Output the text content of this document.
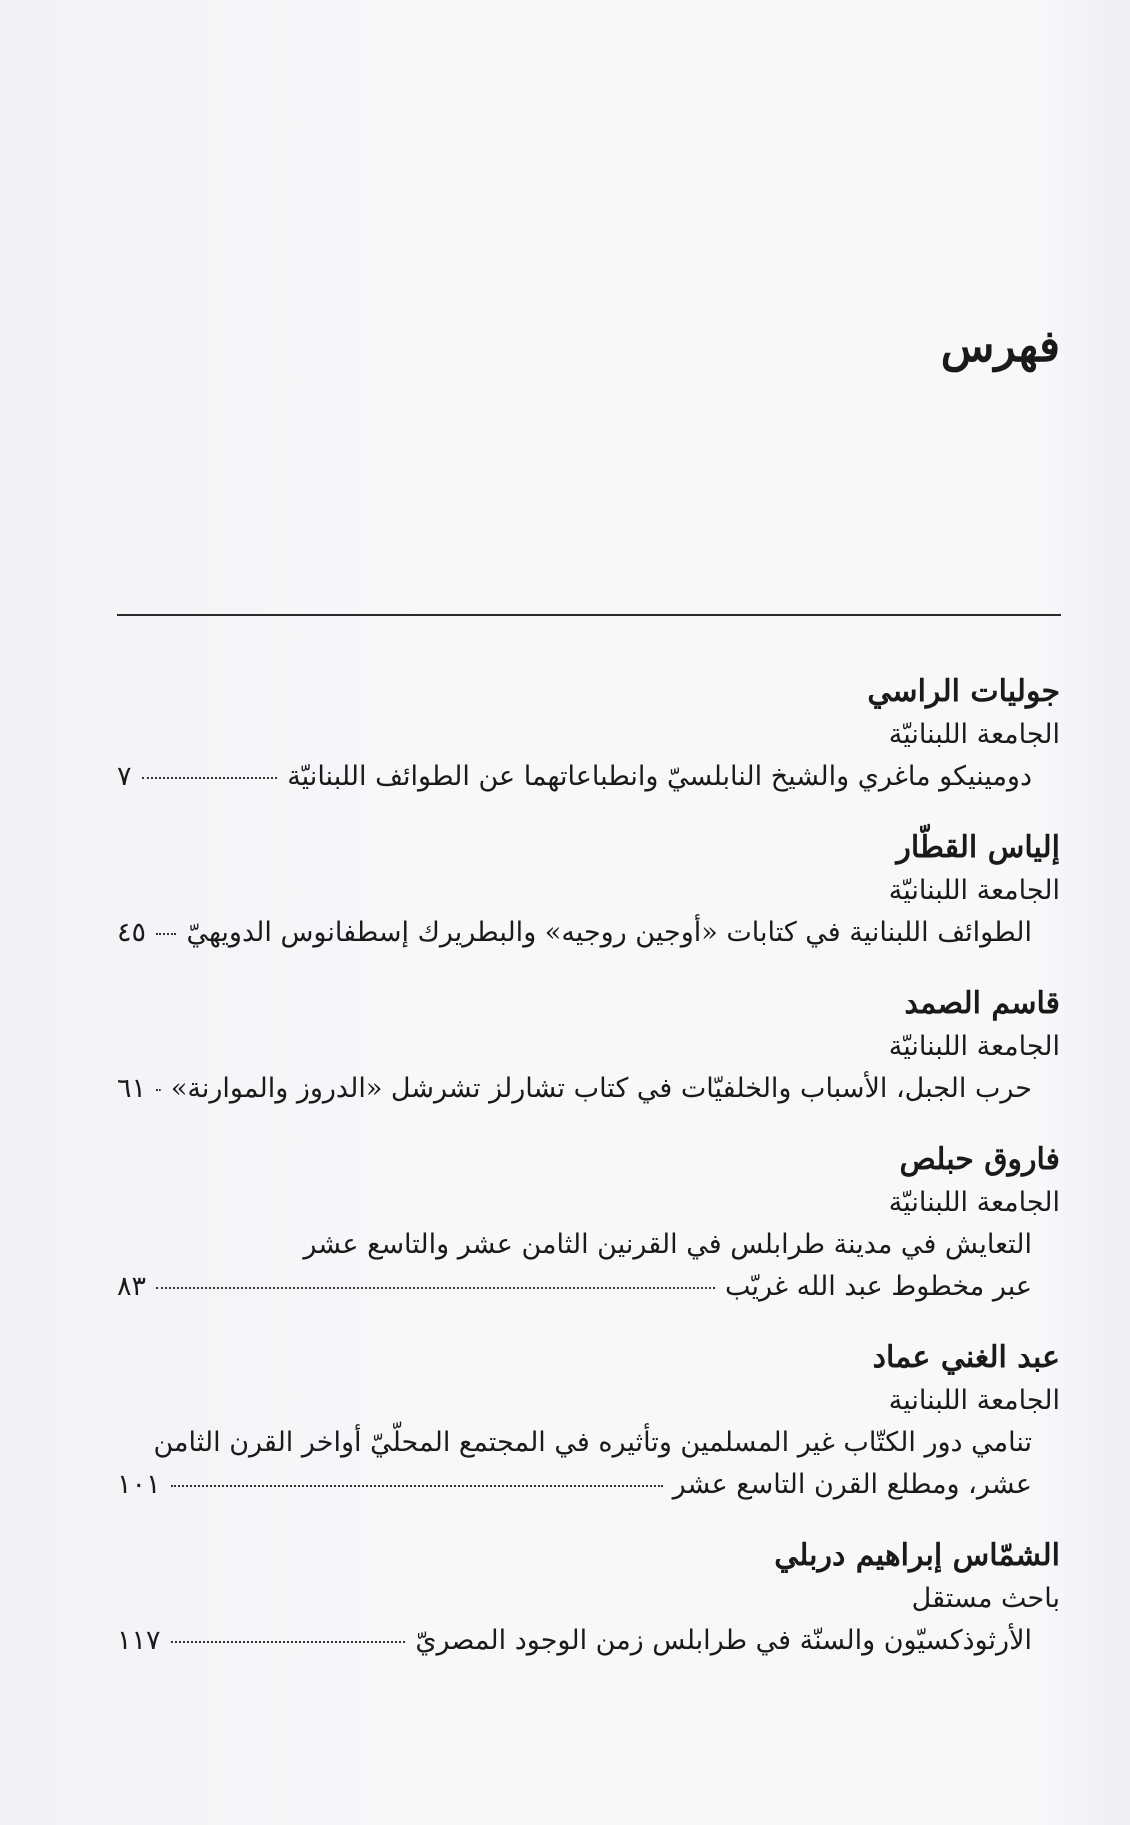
فهرس
جوليات الراسي
الجامعة اللبنانيّة
دومينيكو ماغري والشيخ النابلسيّ وانطباعاتهما عن الطوائف اللبنانيّة
٧
إلياس القطّار
الجامعة اللبنانيّة
الطوائف اللبنانية في كتابات «أوجين روجيه» والبطريرك إسطفانوس الدويهيّ
٤٥
قاسم الصمد
الجامعة اللبنانيّة
حرب الجبل، الأسباب والخلفيّات في كتاب تشارلز تشرشل «الدروز والموارنة»
٦١
فاروق حبلص
الجامعة اللبنانيّة
التعايش في مدينة طرابلس في القرنين الثامن عشر والتاسع عشر
عبر مخطوط عبد الله غريّب
٨٣
عبد الغني عماد
الجامعة اللبنانية
تنامي دور الكتّاب غير المسلمين وتأثيره في المجتمع المحلّيّ أواخر القرن الثامن
عشر، ومطلع القرن التاسع عشر
١٠١
الشمّاس إبراهيم دربلي
باحث مستقل
الأرثوذكسيّون والسنّة في طرابلس زمن الوجود المصريّ
١١٧
